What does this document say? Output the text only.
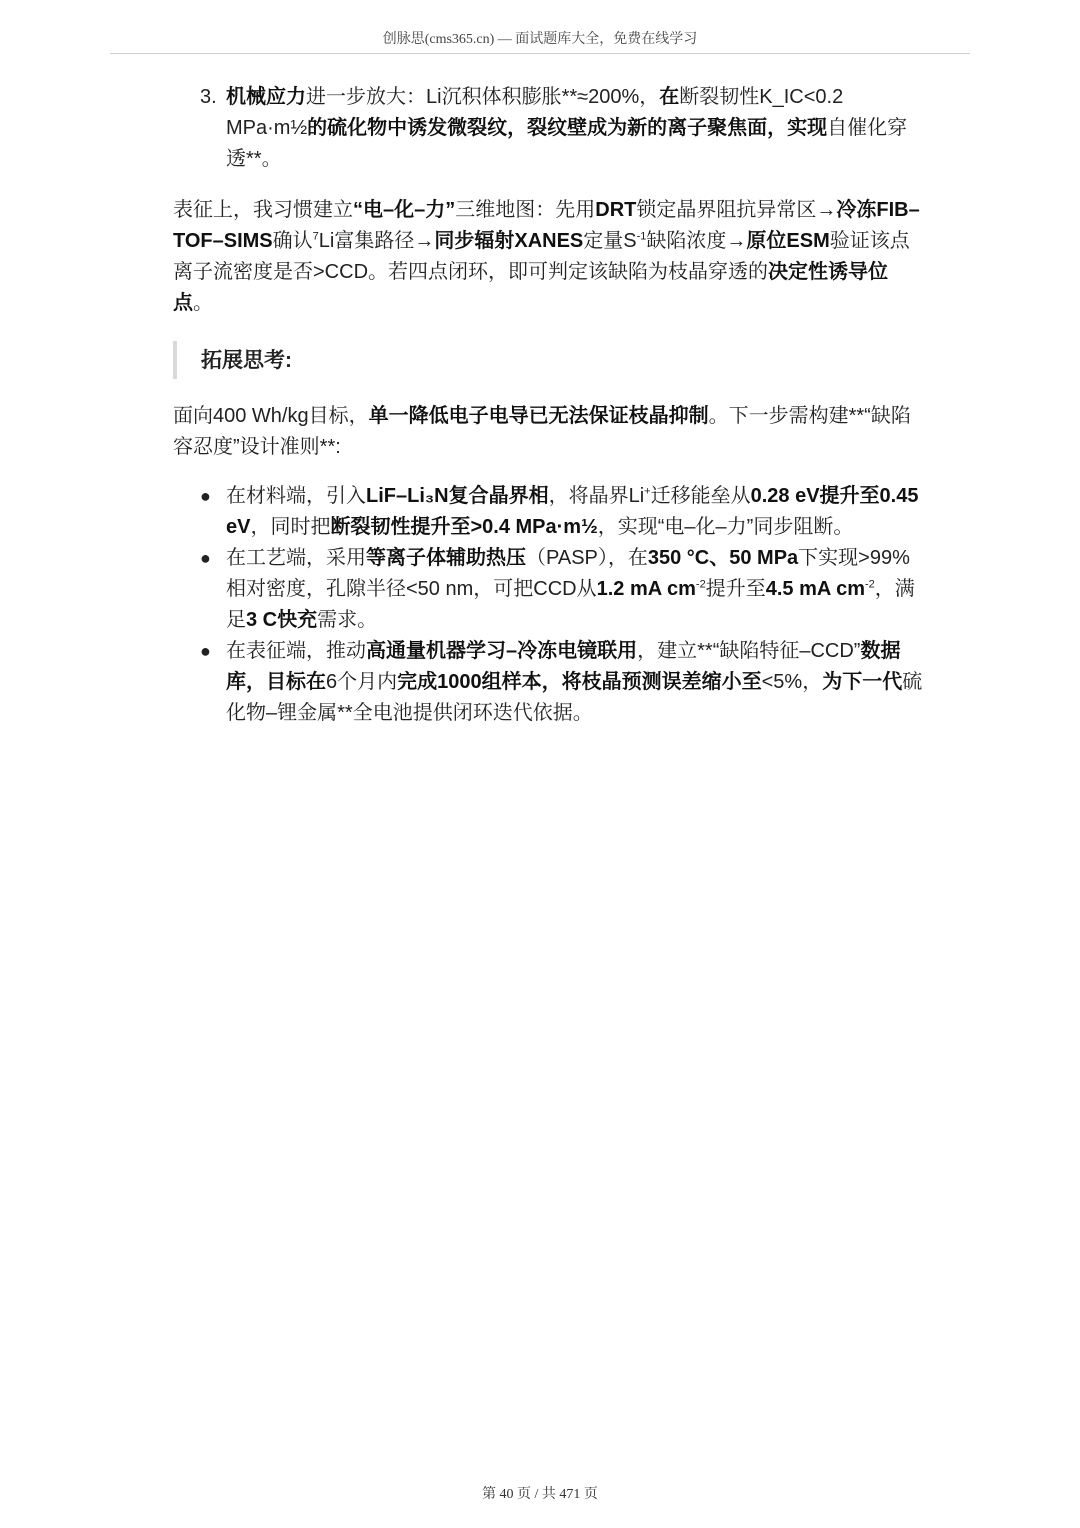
创脉思(cms365.cn) — 面试题库大全，免费在线学习
3. 机械应力进一步放大：Li沉积体积膨胀**≈200%，在断裂韧性K_IC<0.2 MPa·m½的硫化物中诱发微裂纹，裂纹壁成为新的离子聚焦面，实现自催化穿透**。

表征上，我习惯建立“电–化–力”三维地图：先用DRT锁定晶界阻抗异常区→冷冻FIB–TOF–SIMS确认$^7$Li富集路径→同步辐射XANES定量$S^{-1}$缺陷浓度→原位ESM验证该点离子流密度是否>CCD。若四点闭环，即可判定该缺陷为枝晶穿透的决定性诱导位点。

拓展思考:

面向400 Wh/kg目标，单一降低电子电导已无法保证枝晶抑制。下一步需构建**“缺陷容忍度”设计准则**:

● 在材料端，引入LiF–Li₃N复合晶界相，将晶界Li+迁移能垒从0.28 eV提升至0.45 eV，同时把断裂韧性提升至>0.4 MPa·m½，实现“电–化–力”同步阻断。
● 在工艺端，采用等离子体辅助热压（PASP），在350 °C、50 MPa下实现>99%相对密度，孔隙半径<50 nm，可把CCD从1.2 mA $cm^{-2}$提升至4.5 mA $cm^{-2}$，满足3 C快充需求。
● 在表征端，推动高通量机器学习–冷冻电镜联用，建立**“缺陷特征–CCD”数据库，目标在6个月内完成1000组样本，将枝晶预测误差缩小至<5%，为下一代硫化物–锂金属**全电池提供闭环迭代依据。
第 40 页 / 共 471 页
